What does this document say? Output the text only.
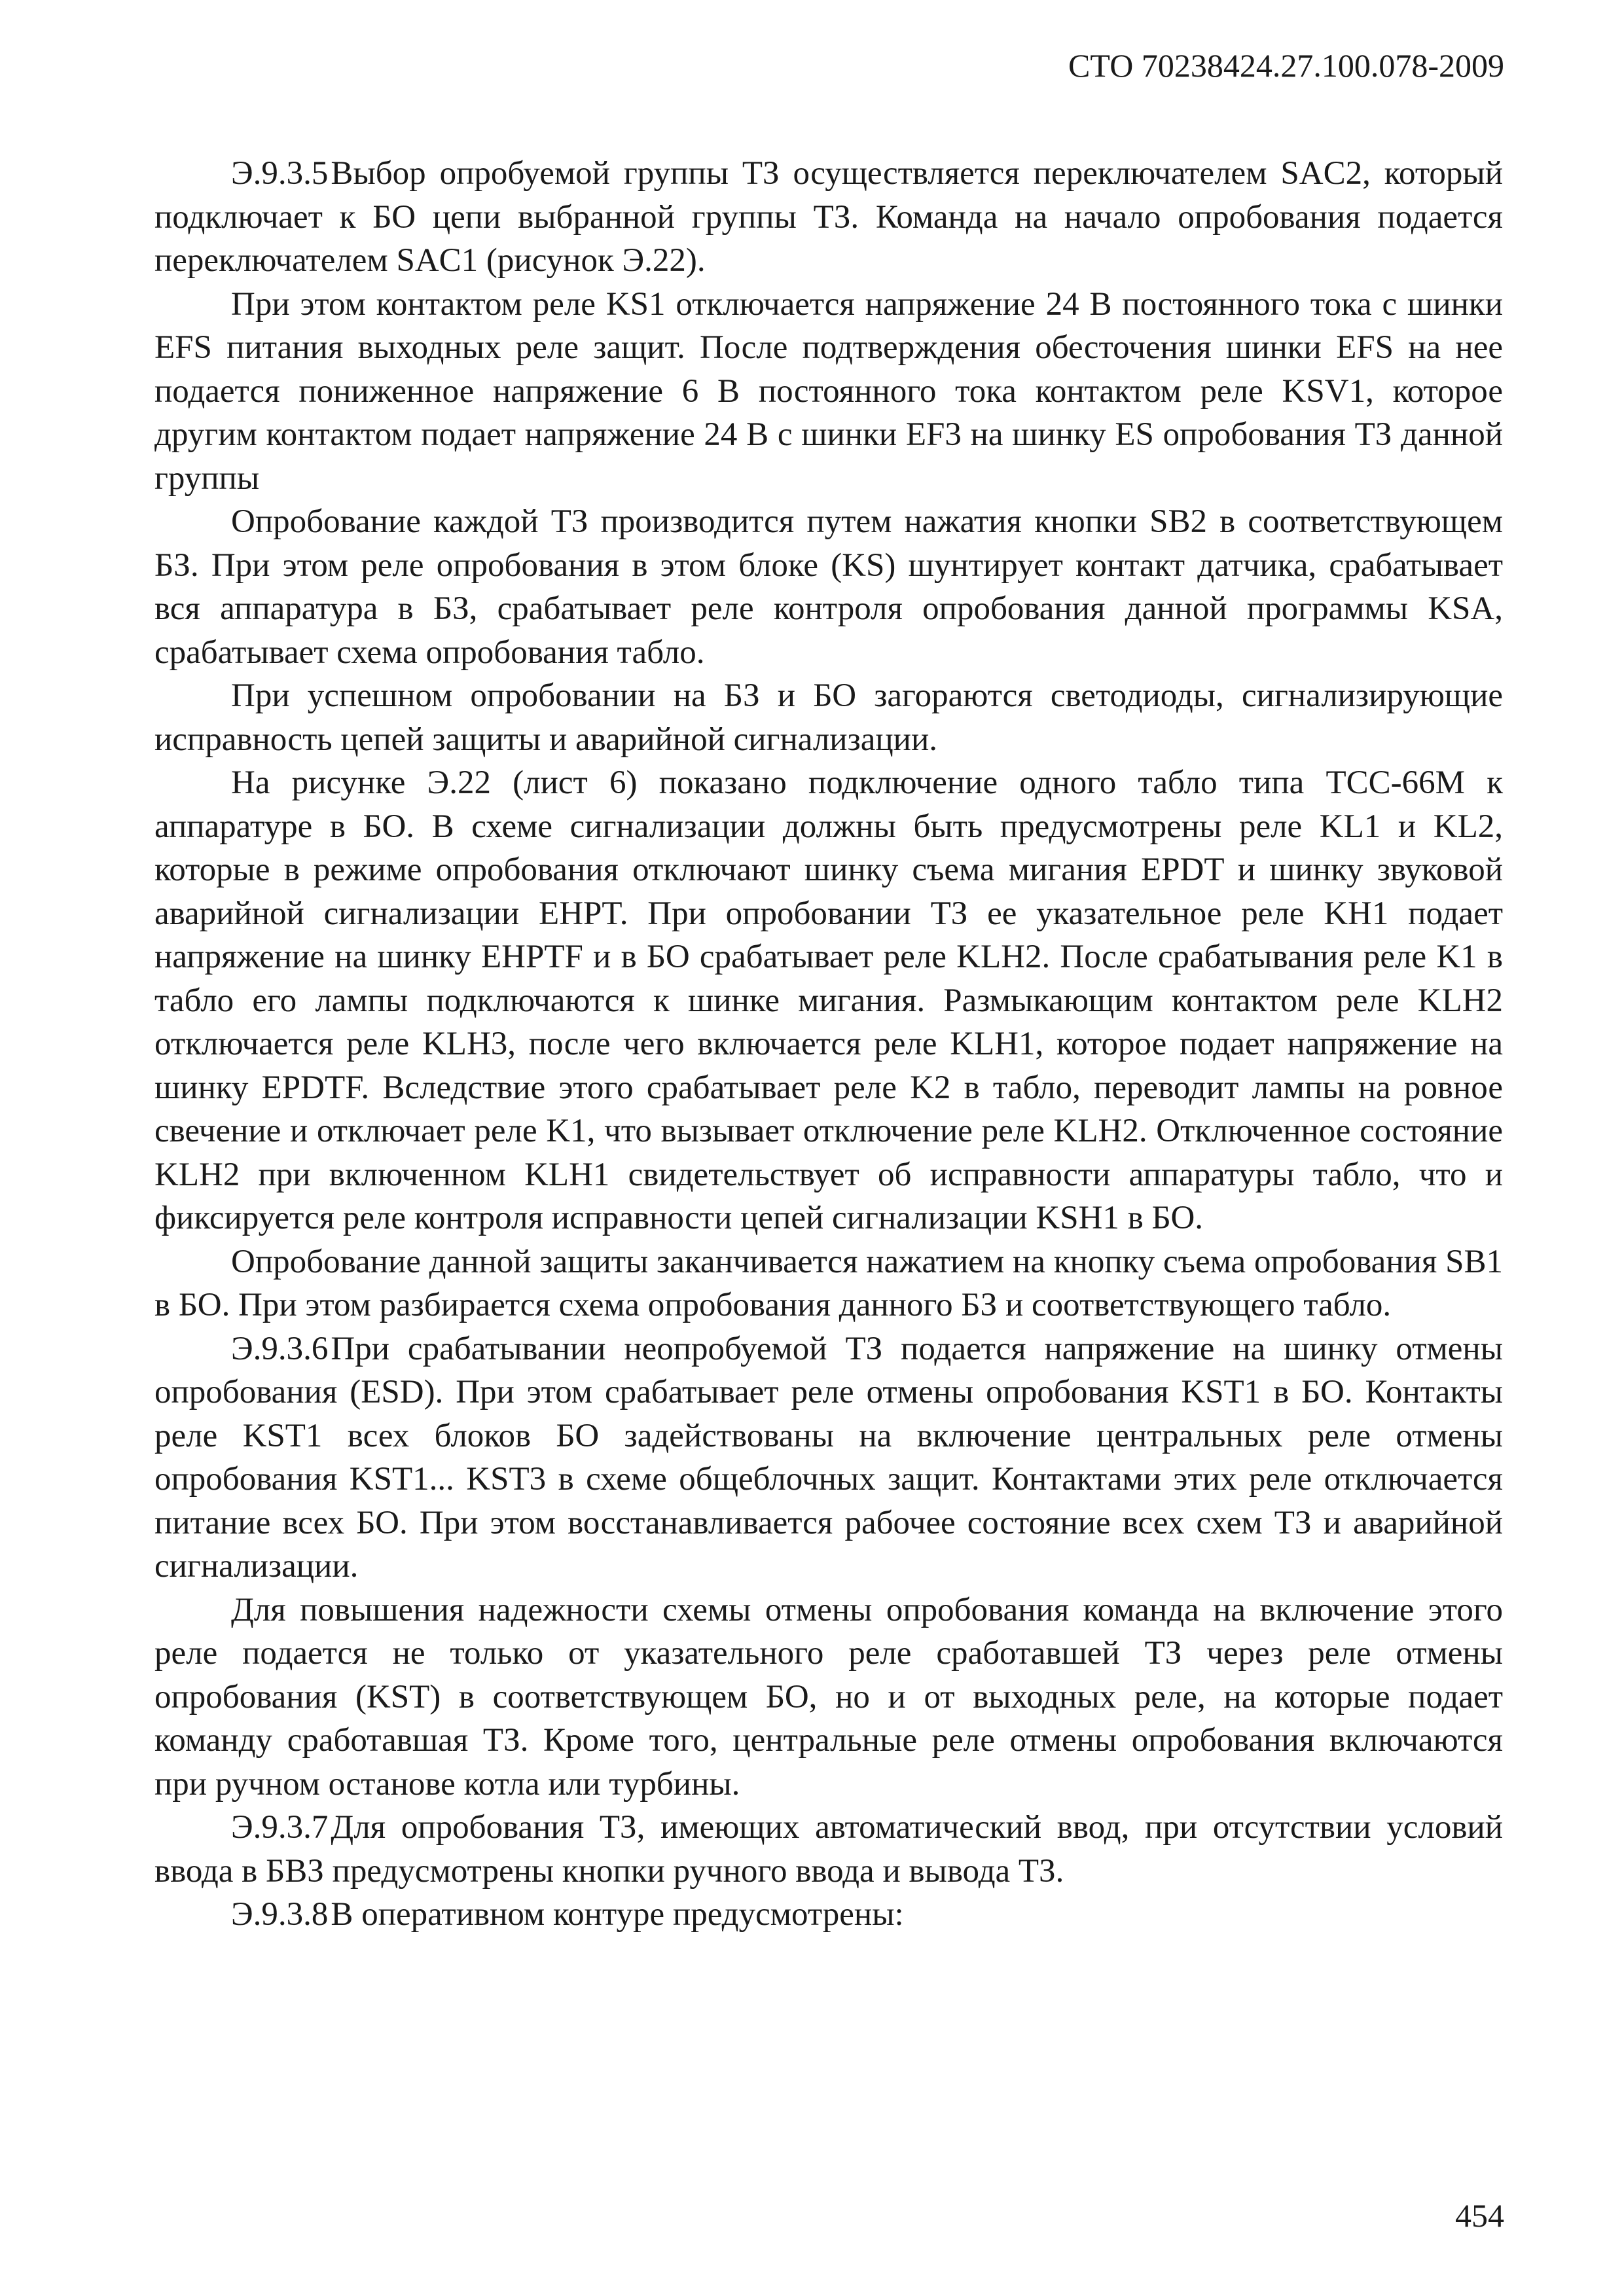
СТО 70238424.27.100.078-2009

Э.9.3.5Выбор опробуемой группы ТЗ осуществляется переключателем SAC2, который подключает к БО цепи выбранной группы ТЗ. Команда на начало опробования подается переключателем SAC1 (рисунок Э.22).

При этом контактом реле KS1 отключается напряжение 24 В постоянного тока с шинки EFS питания выходных реле защит. После подтверждения обесточения шинки EFS на нее подается пониженное напряжение 6 В постоянного тока контактом реле KSV1, которое другим контактом подает напряжение 24 В с шинки EF3 на шинку ES опробования ТЗ данной группы

Опробование каждой ТЗ производится путем нажатия кнопки SB2 в соответствующем БЗ. При этом реле опробования в этом блоке (KS) шунтирует контакт датчика, срабатывает вся аппаратура в БЗ, срабатывает реле контроля опробования данной программы KSA, срабатывает схема опробования табло.

При успешном опробовании на БЗ и БО загораются светодиоды, сигнализирующие исправность цепей защиты и аварийной сигнализации.

На рисунке Э.22 (лист 6) показано подключение одного табло типа ТСС-66М к аппаратуре в БО. В схеме сигнализации должны быть предусмотрены реле KL1 и KL2, которые в режиме опробования отключают шинку съема мигания EPDT и шинку звуковой аварийной сигнализации EHPT. При опробовании ТЗ ее указательное реле KH1 подает напряжение на шинку EHPTF и в БО срабатывает реле KLH2. После срабатывания реле K1 в табло его лампы подключаются к шинке мигания. Размыкающим контактом реле KLH2 отключается реле KLH3, после чего включается реле KLH1, которое подает напряжение на шинку EPDTF. Вследствие этого срабатывает реле K2 в табло, переводит лампы на ровное свечение и отключает реле K1, что вызывает отключение реле KLH2. Отключенное состояние KLH2 при включенном KLH1 свидетельствует об исправности аппаратуры табло, что и фиксируется реле контроля исправности цепей сигнализации KSH1 в БО.

Опробование данной защиты заканчивается нажатием на кнопку съема опробования SB1 в БО. При этом разбирается схема опробования данного БЗ и соответствующего табло.

Э.9.3.6При срабатывании неопробуемой ТЗ подается напряжение на шинку отмены опробования (ESD). При этом срабатывает реле отмены опробования KST1 в БО. Контакты реле KST1 всех блоков БО задействованы на включение центральных реле отмены опробования KST1... KST3 в схеме общеблочных защит. Контактами этих реле отключается питание всех БО. При этом восстанавливается рабочее состояние всех схем ТЗ и аварийной сигнализации.

Для повышения надежности схемы отмены опробования команда на включение этого реле подается не только от указательного реле сработавшей ТЗ через реле отмены опробования (KST) в соответствующем БО, но и от выходных реле, на которые подает команду сработавшая ТЗ. Кроме того, центральные реле отмены опробования включаются при ручном останове котла или турбины.

Э.9.3.7Для опробования ТЗ, имеющих автоматический ввод, при отсутствии условий ввода в БВЗ предусмотрены кнопки ручного ввода и вывода ТЗ.

Э.9.3.8В оперативном контуре предусмотрены:

454
